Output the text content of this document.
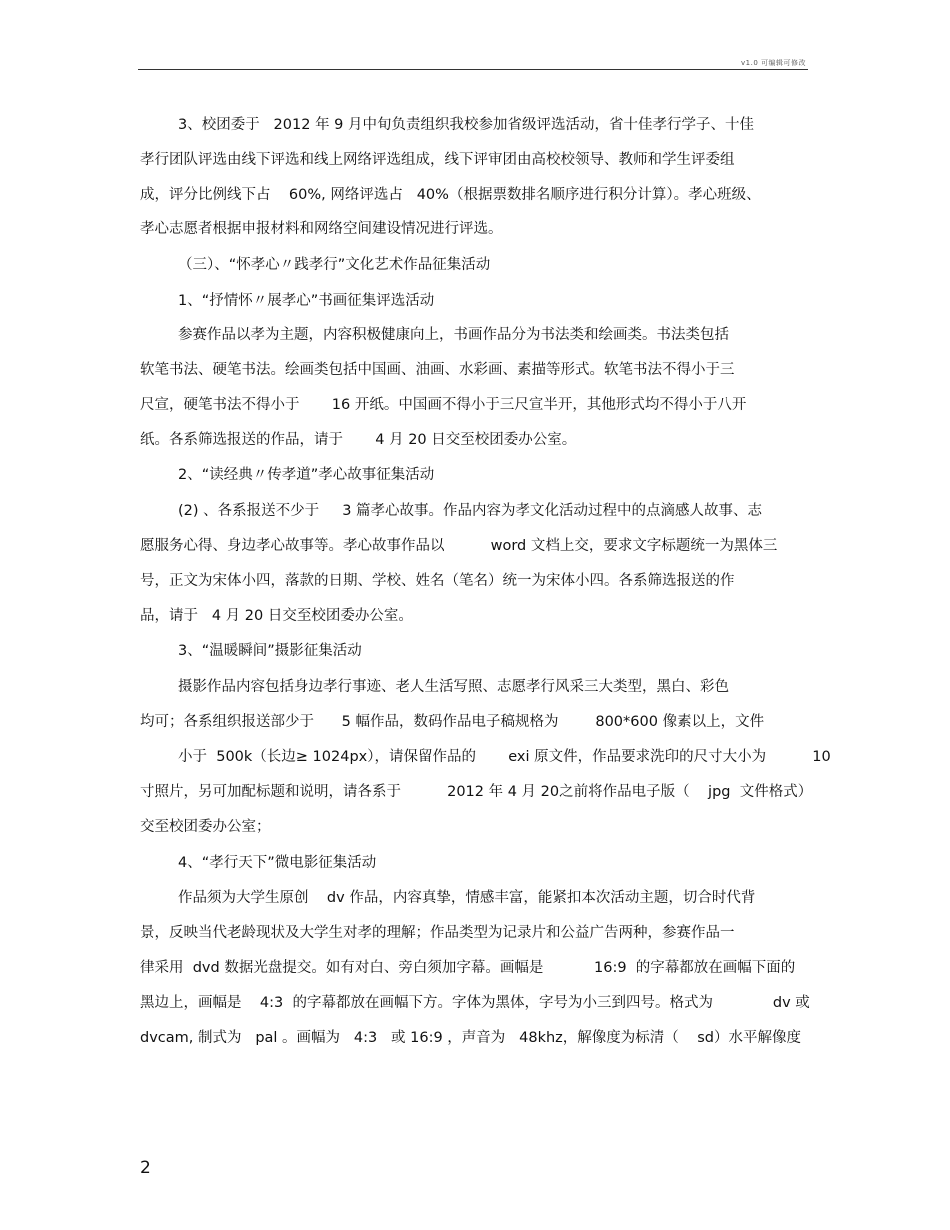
v1.0 可编辑可修改
3、校团委于   2012 年 9 月中旬负责组织我校参加省级评选活动，省十佳孝行学子、十佳
孝行团队评选由线下评选和线上网络评选组成，线下评审团由高校校领导、教师和学生评委组
成，评分比例线下占    60%, 网络评选占   40%（根据票数排名顺序进行积分计算）。孝心班级、
孝心志愿者根据申报材料和网络空间建设情况进行评选。
（三）、“怀孝心〃践孝行”文化艺术作品征集活动
1、“抒情怀〃展孝心”书画征集评选活动
参赛作品以孝为主题，内容积极健康向上，书画作品分为书法类和绘画类。书法类包括
软笔书法、硬笔书法。绘画类包括中国画、油画、水彩画、素描等形式。软笔书法不得小于三
尺宣，硬笔书法不得小于       16 开纸。中国画不得小于三尺宣半开，其他形式均不得小于八开
纸。各系筛选报送的作品，请于       4 月 20 日交至校团委办公室。
2、“读经典〃传孝道”孝心故事征集活动
(2) 、各系报送不少于     3 篇孝心故事。作品内容为孝文化活动过程中的点滴感人故事、志
愿服务心得、身边孝心故事等。孝心故事作品以          word 文档上交，要求文字标题统一为黑体三
号，正文为宋体小四，落款的日期、学校、姓名（笔名）统一为宋体小四。各系筛选报送的作
品，请于   4 月 20 日交至校团委办公室。
3、“温暖瞬间”摄影征集活动
摄影作品内容包括身边孝行事迹、老人生活写照、志愿孝行风采三大类型，黑白、彩色
均可；各系组织报送部少于      5 幅作品，数码作品电子稿规格为        800*600 像素以上，文件
小于  500k（长边≥ 1024px），请保留作品的       exi 原文件，作品要求洗印的尺寸大小为          10
寸照片，另可加配标题和说明，请各系于          2012 年 4 月 20之前将作品电子版（    jpg  文件格式）
交至校团委办公室；
4、“孝行天下”微电影征集活动
作品须为大学生原创    dv 作品，内容真挚，情感丰富，能紧扣本次活动主题，切合时代背
景，反映当代老龄现状及大学生对孝的理解；作品类型为记录片和公益广告两种，参赛作品一
律采用  dvd 数据光盘提交。如有对白、旁白须加字幕。画幅是           16:9  的字幕都放在画幅下面的
黑边上，画幅是    4:3  的字幕都放在画幅下方。字体为黑体，字号为小三到四号。格式为             dv 或
dvcam, 制式为   pal 。画幅为   4:3   或 16:9 ，声音为   48khz，解像度为标清（    sd）水平解像度
2
